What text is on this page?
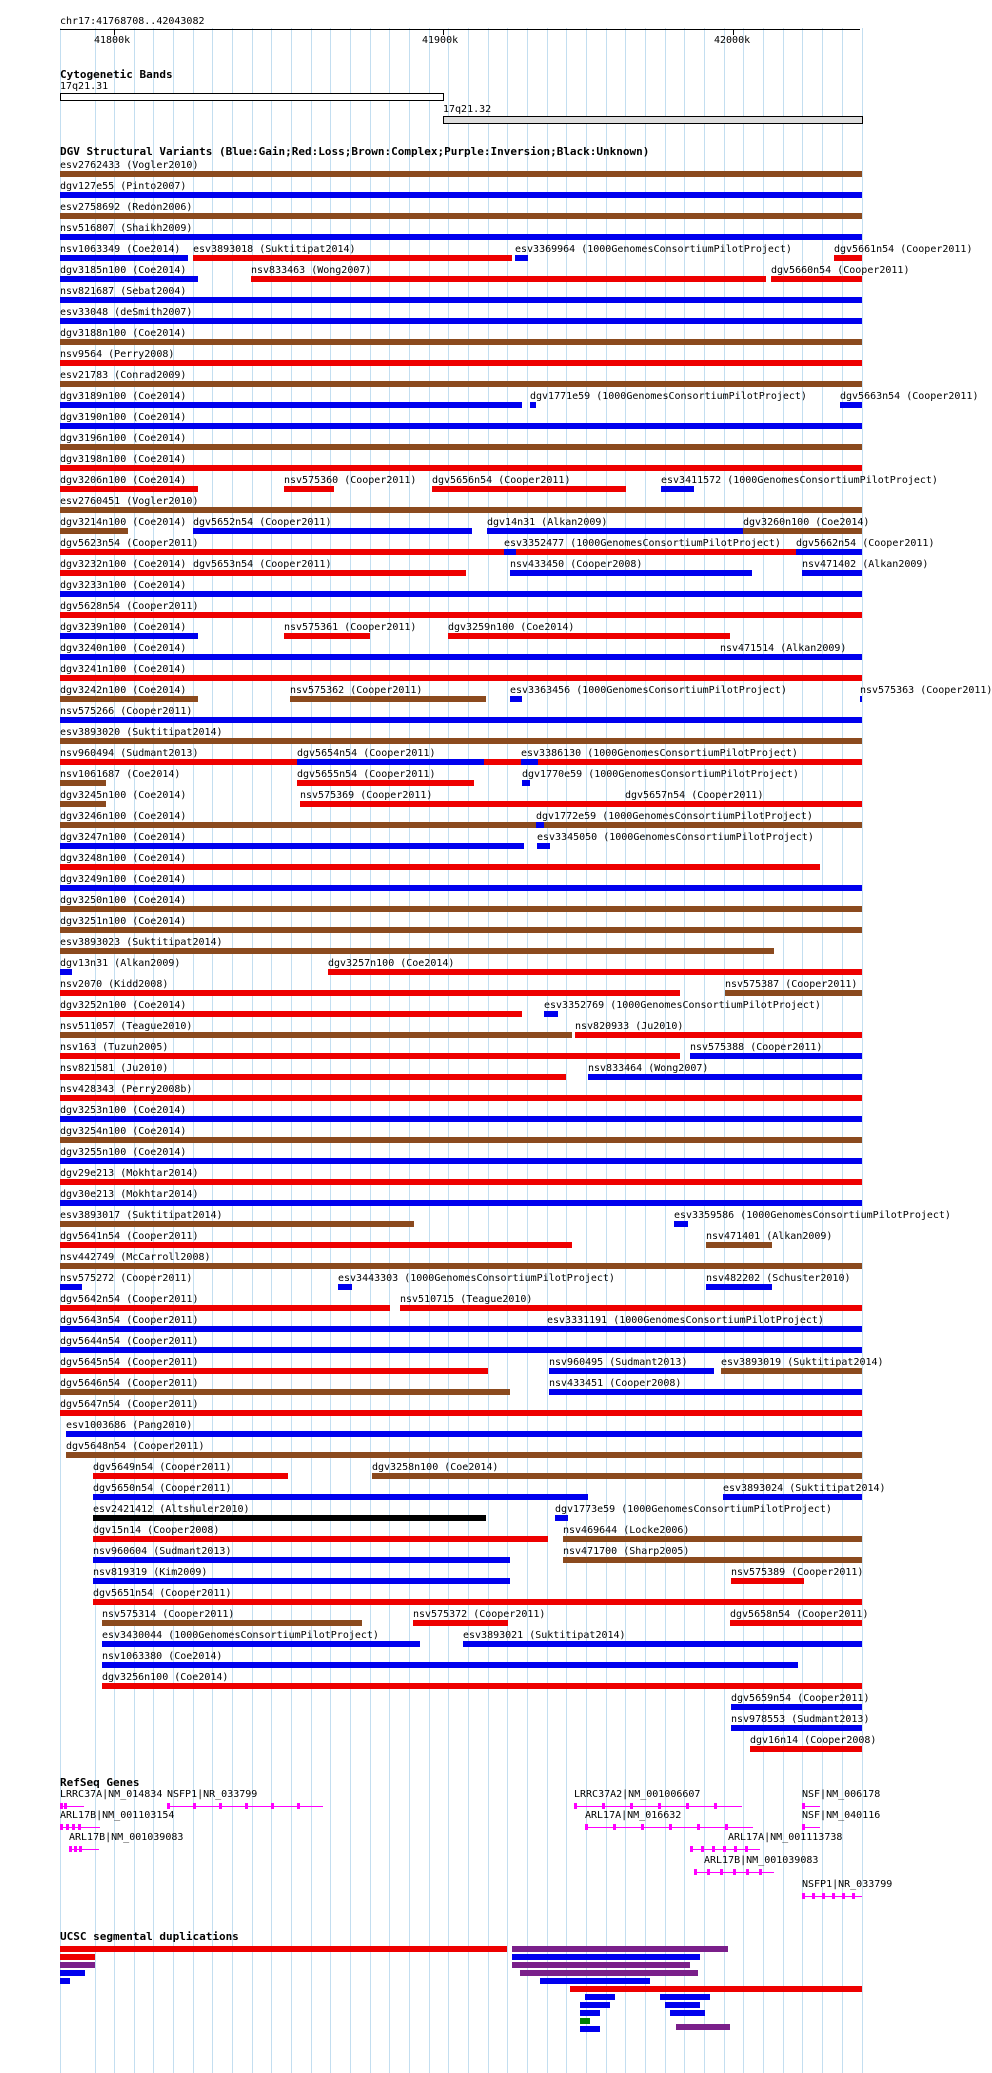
chr17:41768708..42043082
41800k	41900k	42000k
Cytogenetic Bands
17q21.31
17q21.32
DGV Structural Variants (Blue:Gain;Red:Loss;Brown:Complex;Purple:Inversion;Black:Unknown)
esv2762433 (Vogler2010)
dgv127e55 (Pinto2007)
esv2758692 (Redon2006)
nsv516807 (Shaikh2009)
nsv1063349 (Coe2014) esv3893018 (Suktitipat2014)	esv3369964 (1000GenomesConsortiumPilotProject)	dgv5661n54 (Cooper2011)
dgv3185n100 (Coe2014)	nsv833463 (Wong2007)	dgv5660n54 (Cooper2011)
nsv821687 (Sebat2004)
esv33048 (deSmith2007)
dgv3188n100 (Coe2014)
nsv9564 (Perry2008)
esv21783 (Conrad2009)
dgv3189n100 (Coe2014)	dgv1771e59 (1000GenomesConsortiumPilotProject)	dgv5663n54 (Cooper2011)
dgv3190n100 (Coe2014)
dgv3196n100 (Coe2014)
dgv3198n100 (Coe2014)
dgv3206n100 (Coe2014)	nsv575360 (Cooper2011) dgv5656n54 (Cooper2011)	esv3411572 (1000GenomesConsortiumPilotProject)
esv2760451 (Vogler2010)
dgv3214n100 (Coe2014) dgv5652n54 (Cooper2011)	dgv14n31 (Alkan2009)	dgv3260n100 (Coe2014)
dgv5623n54 (Cooper2011)	esv3352477 (1000GenomesConsortiumPilotProject) dgv5662n54 (Cooper2011)
dgv3232n100 (Coe2014) dgv5653n54 (Cooper2011)	nsv433450 (Cooper2008)	nsv471402 (Alkan2009)
dgv3233n100 (Coe2014)
dgv5628n54 (Cooper2011)
dgv3239n100 (Coe2014)	nsv575361 (Cooper2011)	dgv3259n100 (Coe2014)
dgv3240n100 (Coe2014)	nsv471514 (Alkan2009)
dgv3241n100 (Coe2014)
dgv3242n100 (Coe2014)	nsv575362 (Cooper2011)	esv3363456 (1000GenomesConsortiumPilotProject)	nsv575363 (Cooper2011)
nsv575266 (Cooper2011)
esv3893020 (Suktitipat2014)
nsv960494 (Sudmant2013)	dgv5654n54 (Cooper2011)	esv3386130 (1000GenomesConsortiumPilotProject)
nsv1061687 (Coe2014)	dgv5655n54 (Cooper2011)	dgv1770e59 (1000GenomesConsortiumPilotProject)
dgv3245n100 (Coe2014)	nsv575369 (Cooper2011)	dgv5657n54 (Cooper2011)
dgv3246n100 (Coe2014)	dgv1772e59 (1000GenomesConsortiumPilotProject)
dgv3247n100 (Coe2014)	esv3345050 (1000GenomesConsortiumPilotProject)
dgv3248n100 (Coe2014)
dgv3249n100 (Coe2014)
dgv3250n100 (Coe2014)
dgv3251n100 (Coe2014)
esv3893023 (Suktitipat2014)
dgv13n31 (Alkan2009)	dgv3257n100 (Coe2014)
nsv2070 (Kidd2008)	nsv575387 (Cooper2011)
dgv3252n100 (Coe2014)	esv3352769 (1000GenomesConsortiumPilotProject)
nsv511057 (Teague2010)	nsv820933 (Ju2010)
nsv163 (Tuzun2005)	nsv575388 (Cooper2011)
nsv821581 (Ju2010)	nsv833464 (Wong2007)
nsv428343 (Perry2008b)
dgv3253n100 (Coe2014)
dgv3254n100 (Coe2014)
dgv3255n100 (Coe2014)
dgv29e213 (Mokhtar2014)
dgv30e213 (Mokhtar2014)
esv3893017 (Suktitipat2014)	esv3359586 (1000GenomesConsortiumPilotProject)
dgv5641n54 (Cooper2011)	nsv471401 (Alkan2009)
nsv442749 (McCarroll2008)
nsv575272 (Cooper2011)	esv3443303 (1000GenomesConsortiumPilotProject)	nsv482202 (Schuster2010)
dgv5642n54 (Cooper2011)	nsv510715 (Teague2010)
dgv5643n54 (Cooper2011)	esv3331191 (1000GenomesConsortiumPilotProject)
dgv5644n54 (Cooper2011)
dgv5645n54 (Cooper2011)	nsv960495 (Sudmant2013)	esv3893019 (Suktitipat2014)
dgv5646n54 (Cooper2011)	nsv433451 (Cooper2008)
dgv5647n54 (Cooper2011)
esv1003686 (Pang2010)
dgv5648n54 (Cooper2011)
dgv5649n54 (Cooper2011)	dgv3258n100 (Coe2014)
dgv5650n54 (Cooper2011)	esv3893024 (Suktitipat2014)
esv2421412 (Altshuler2010)	dgv1773e59 (1000GenomesConsortiumPilotProject)
dgv15n14 (Cooper2008)	nsv469644 (Locke2006)
nsv960604 (Sudmant2013)	nsv471700 (Sharp2005)
nsv819319 (Kim2009)	nsv575389 (Cooper2011)
dgv5651n54 (Cooper2011)
nsv575314 (Cooper2011)	nsv575372 (Cooper2011)	dgv5658n54 (Cooper2011)
esv3430044 (1000GenomesConsortiumPilotProject)	esv3893021 (Suktitipat2014)
nsv1063380 (Coe2014)
dgv3256n100 (Coe2014)
dgv5659n54 (Cooper2011)
nsv978553 (Sudmant2013)
dgv16n14 (Cooper2008)
RefSeq Genes
LRRC37A|NM_014834 NSFP1|NR_033799
ARL17B|NM_001103154
ARL17B|NM_001039083
LRRC37A2|NM_001006607
ARL17A|NM_016632
ARL17A|NM_001113738
ARL17B|NM_001039083
NSF|NM_006178
NSF|NM_040116
NSFP1|NR_033799
UCSC segmental duplications
